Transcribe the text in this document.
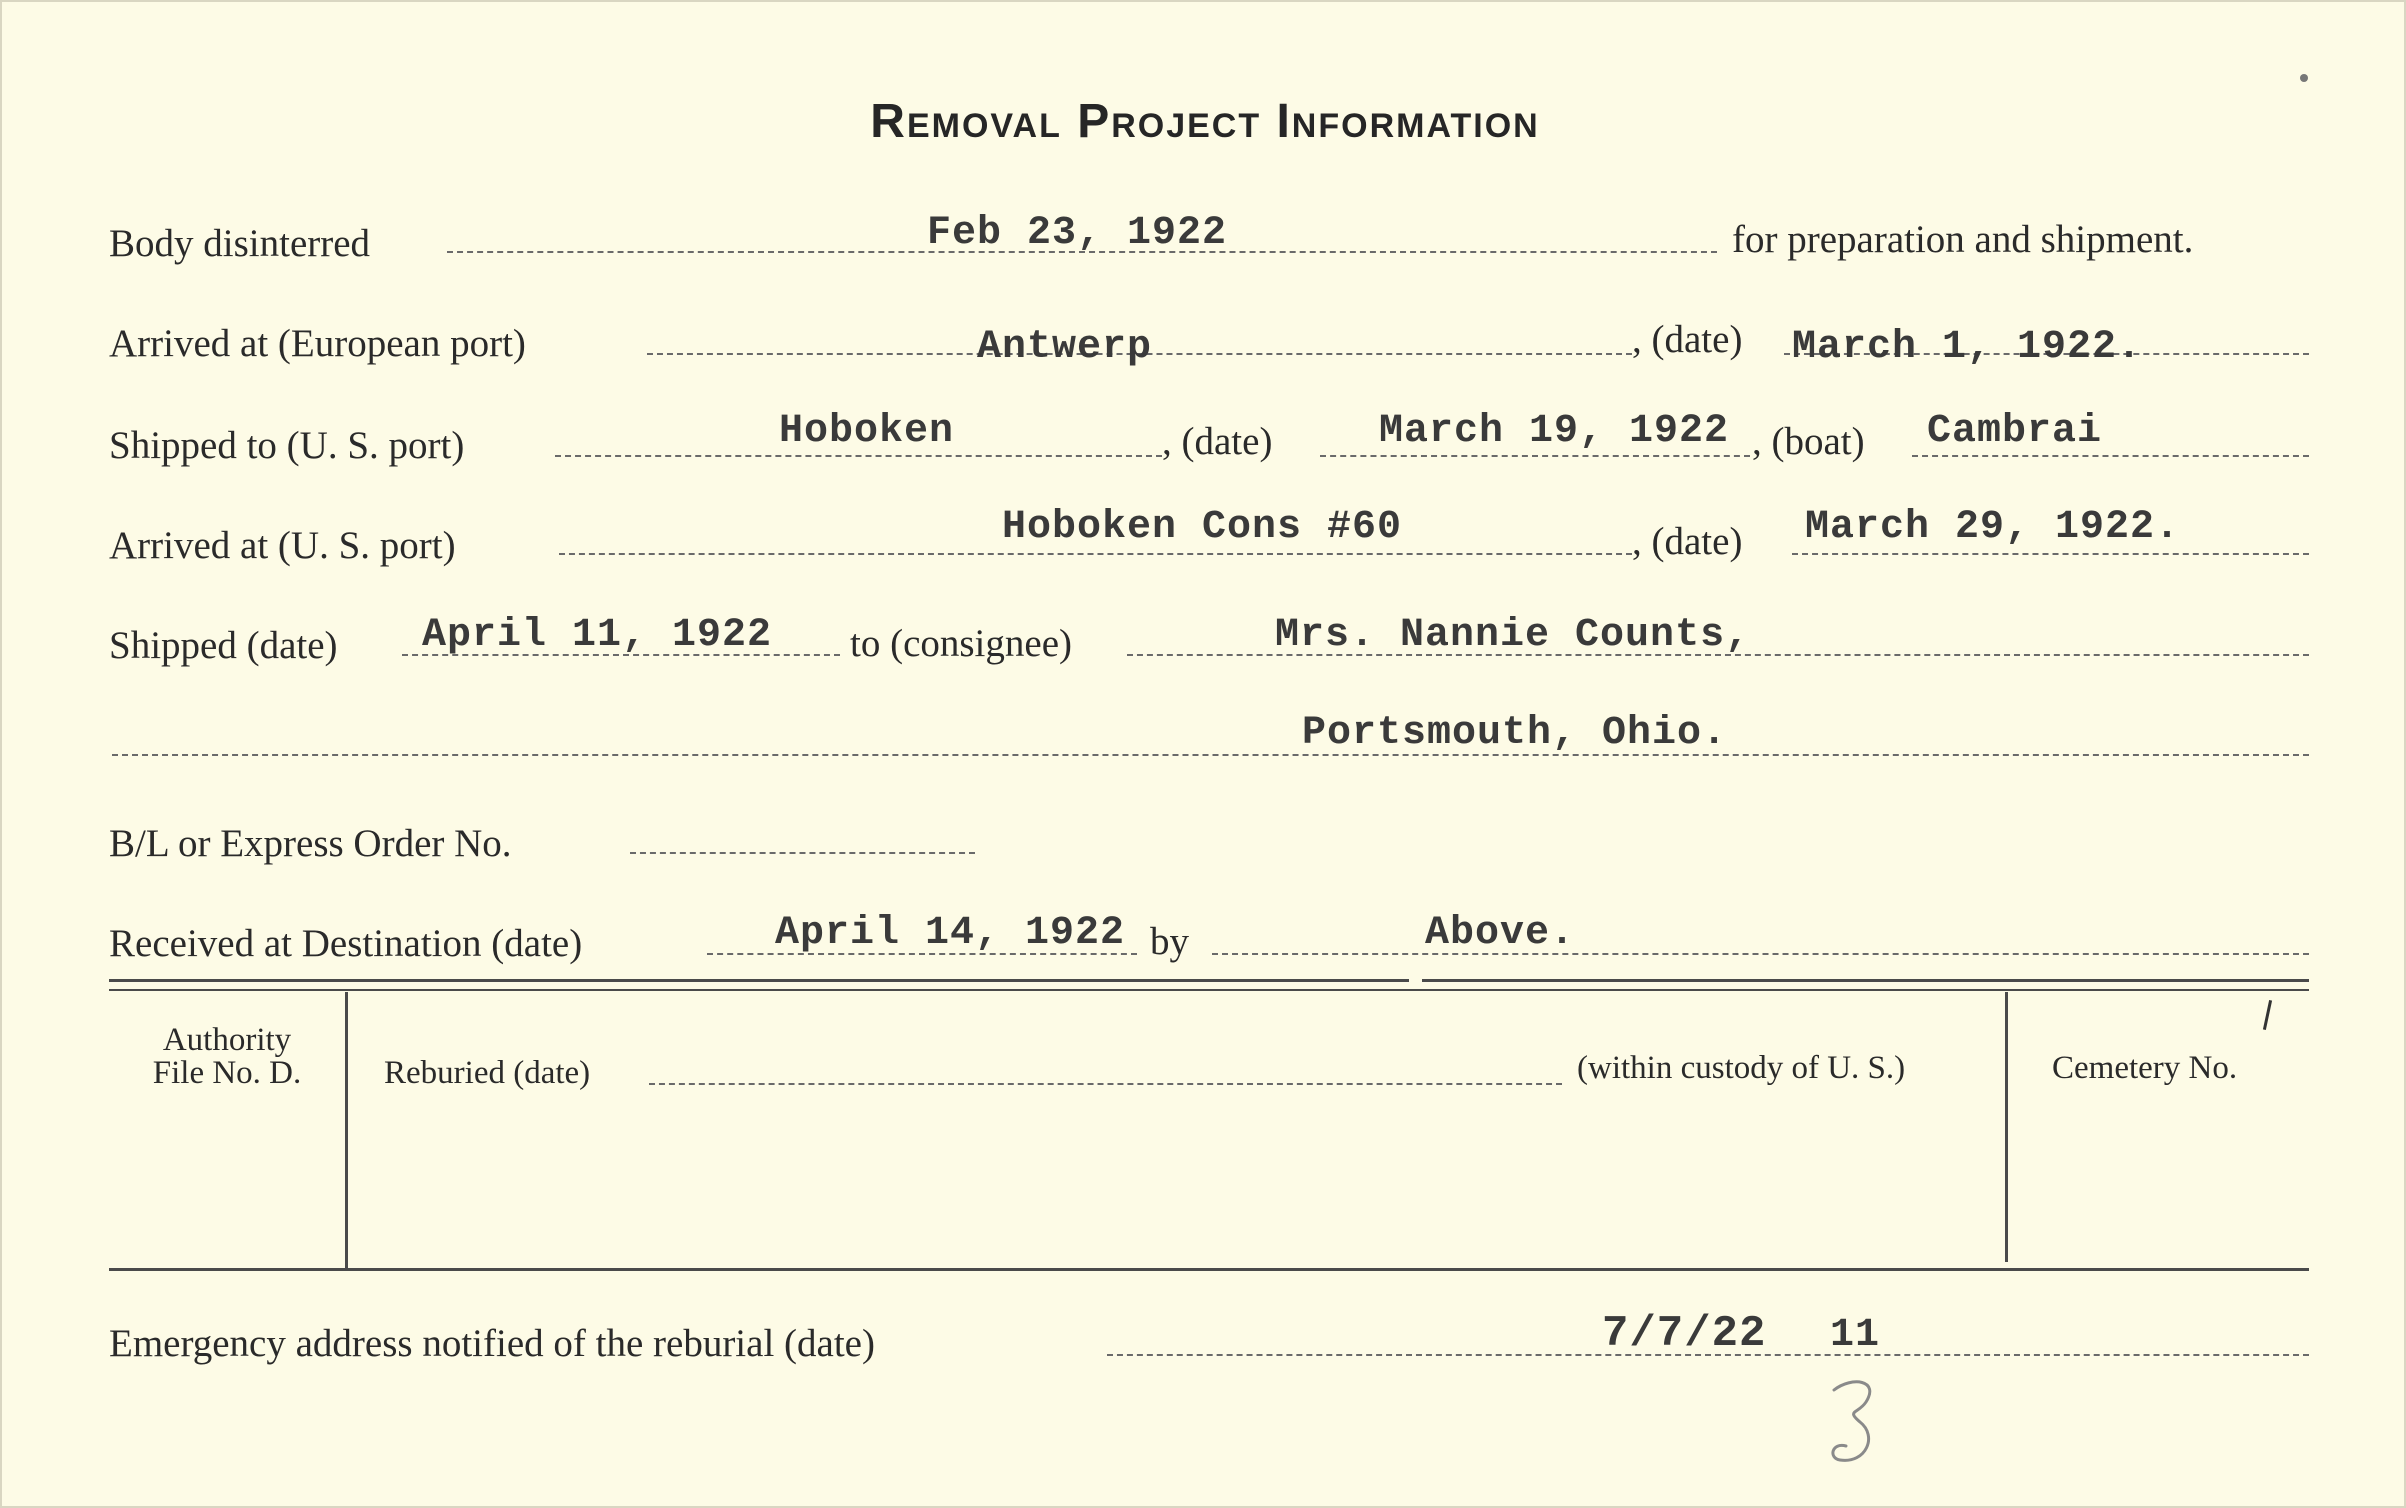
Removal Project Information
Body disinterred	Feb 23, 1922	for preparation and shipment.
Arrived at (European port)	Antwerp	, (date) March 1, 1922.
Shipped to (U. S. port)	Hoboken	, (date)	March 19, 1922 , (boat) Cambrai
Arrived at (U. S. port)	Hoboken Cons #60	, (date) March 29, 1922.
Shipped (date) April 11, 1922 to (consignee)	Mrs. Nannie Counts,
Portsmouth, Ohio.
B/L or Express Order No.
Received at Destination (date)	April 14, 1922 by	Above.
Authority
File No. D.	Reburied (date)	(within custody of U. S.)	Cemetery No.
Emergency address notified of the reburial (date)	7/7/22 11
